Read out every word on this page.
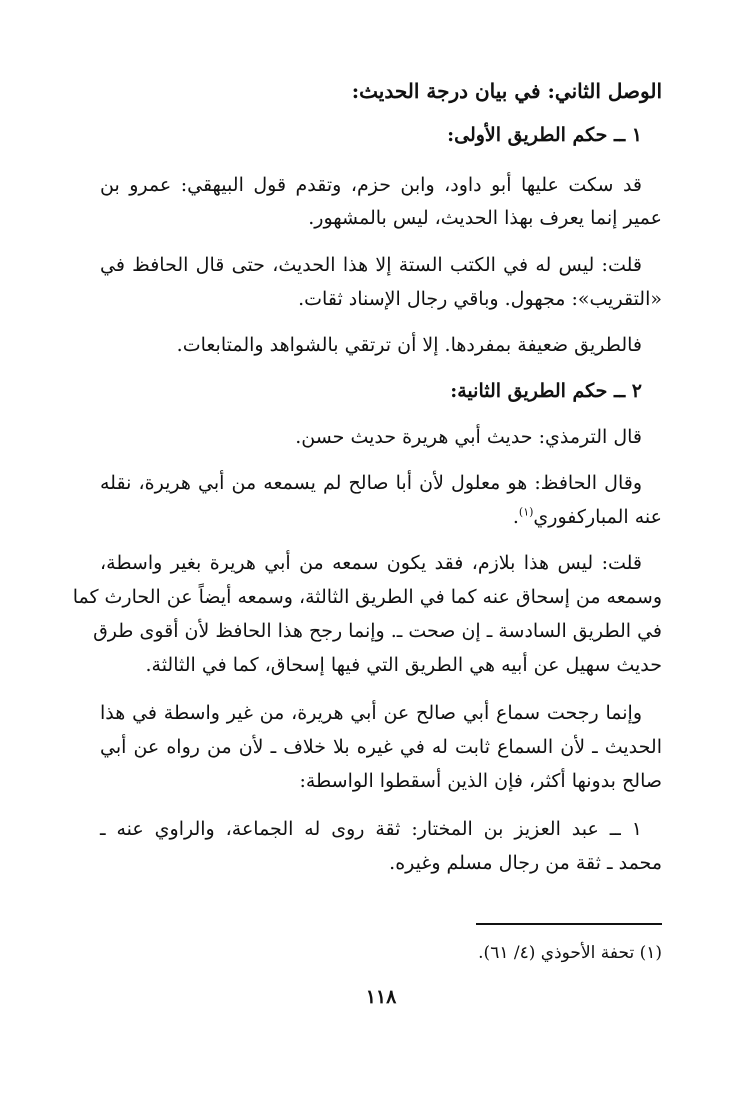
الوصل الثاني: في بيان درجة الحديث:
١ ــ حكم الطريق الأولى:
قد سكت عليها أبو داود، وابن حزم، وتقدم قول البيهقي: عمرو بن
عمير إنما يعرف بهذا الحديث، ليس بالمشهور.
قلت: ليس له في الكتب الستة إلا هذا الحديث، حتى قال الحافظ في
«التقريب»: مجهول. وباقي رجال الإسناد ثقات.
فالطريق ضعيفة بمفردها. إلا أن ترتقي بالشواهد والمتابعات.
٢ ــ حكم الطريق الثانية:
قال الترمذي: حديث أبي هريرة حديث حسن.
وقال الحافظ: هو معلول لأن أبا صالح لم يسمعه من أبي هريرة، نقله
عنه المباركفوري$^{(١)}$.
قلت: ليس هذا بلازم، فقد يكون سمعه من أبي هريرة بغير واسطة،
وسمعه من إسحاق عنه كما في الطريق الثالثة، وسمعه أيضاً عن الحارث كما
في الطريق السادسة ـ إن صحت ـ. وإنما رجح هذا الحافظ لأن أقوى طرق
حديث سهيل عن أبيه هي الطريق التي فيها إسحاق، كما في الثالثة.
وإنما رجحت سماع أبي صالح عن أبي هريرة، من غير واسطة في هذا
الحديث ـ لأن السماع ثابت له في غيره بلا خلاف ـ لأن من رواه عن أبي
صالح بدونها أكثر، فإن الذين أسقطوا الواسطة:
١ ــ عبد العزيز بن المختار: ثقة روى له الجماعة، والراوي عنه ـ
محمد ـ ثقة من رجال مسلم وغيره.
(١) تحفة الأحوذي (٤/ ٦١).
١١٨
